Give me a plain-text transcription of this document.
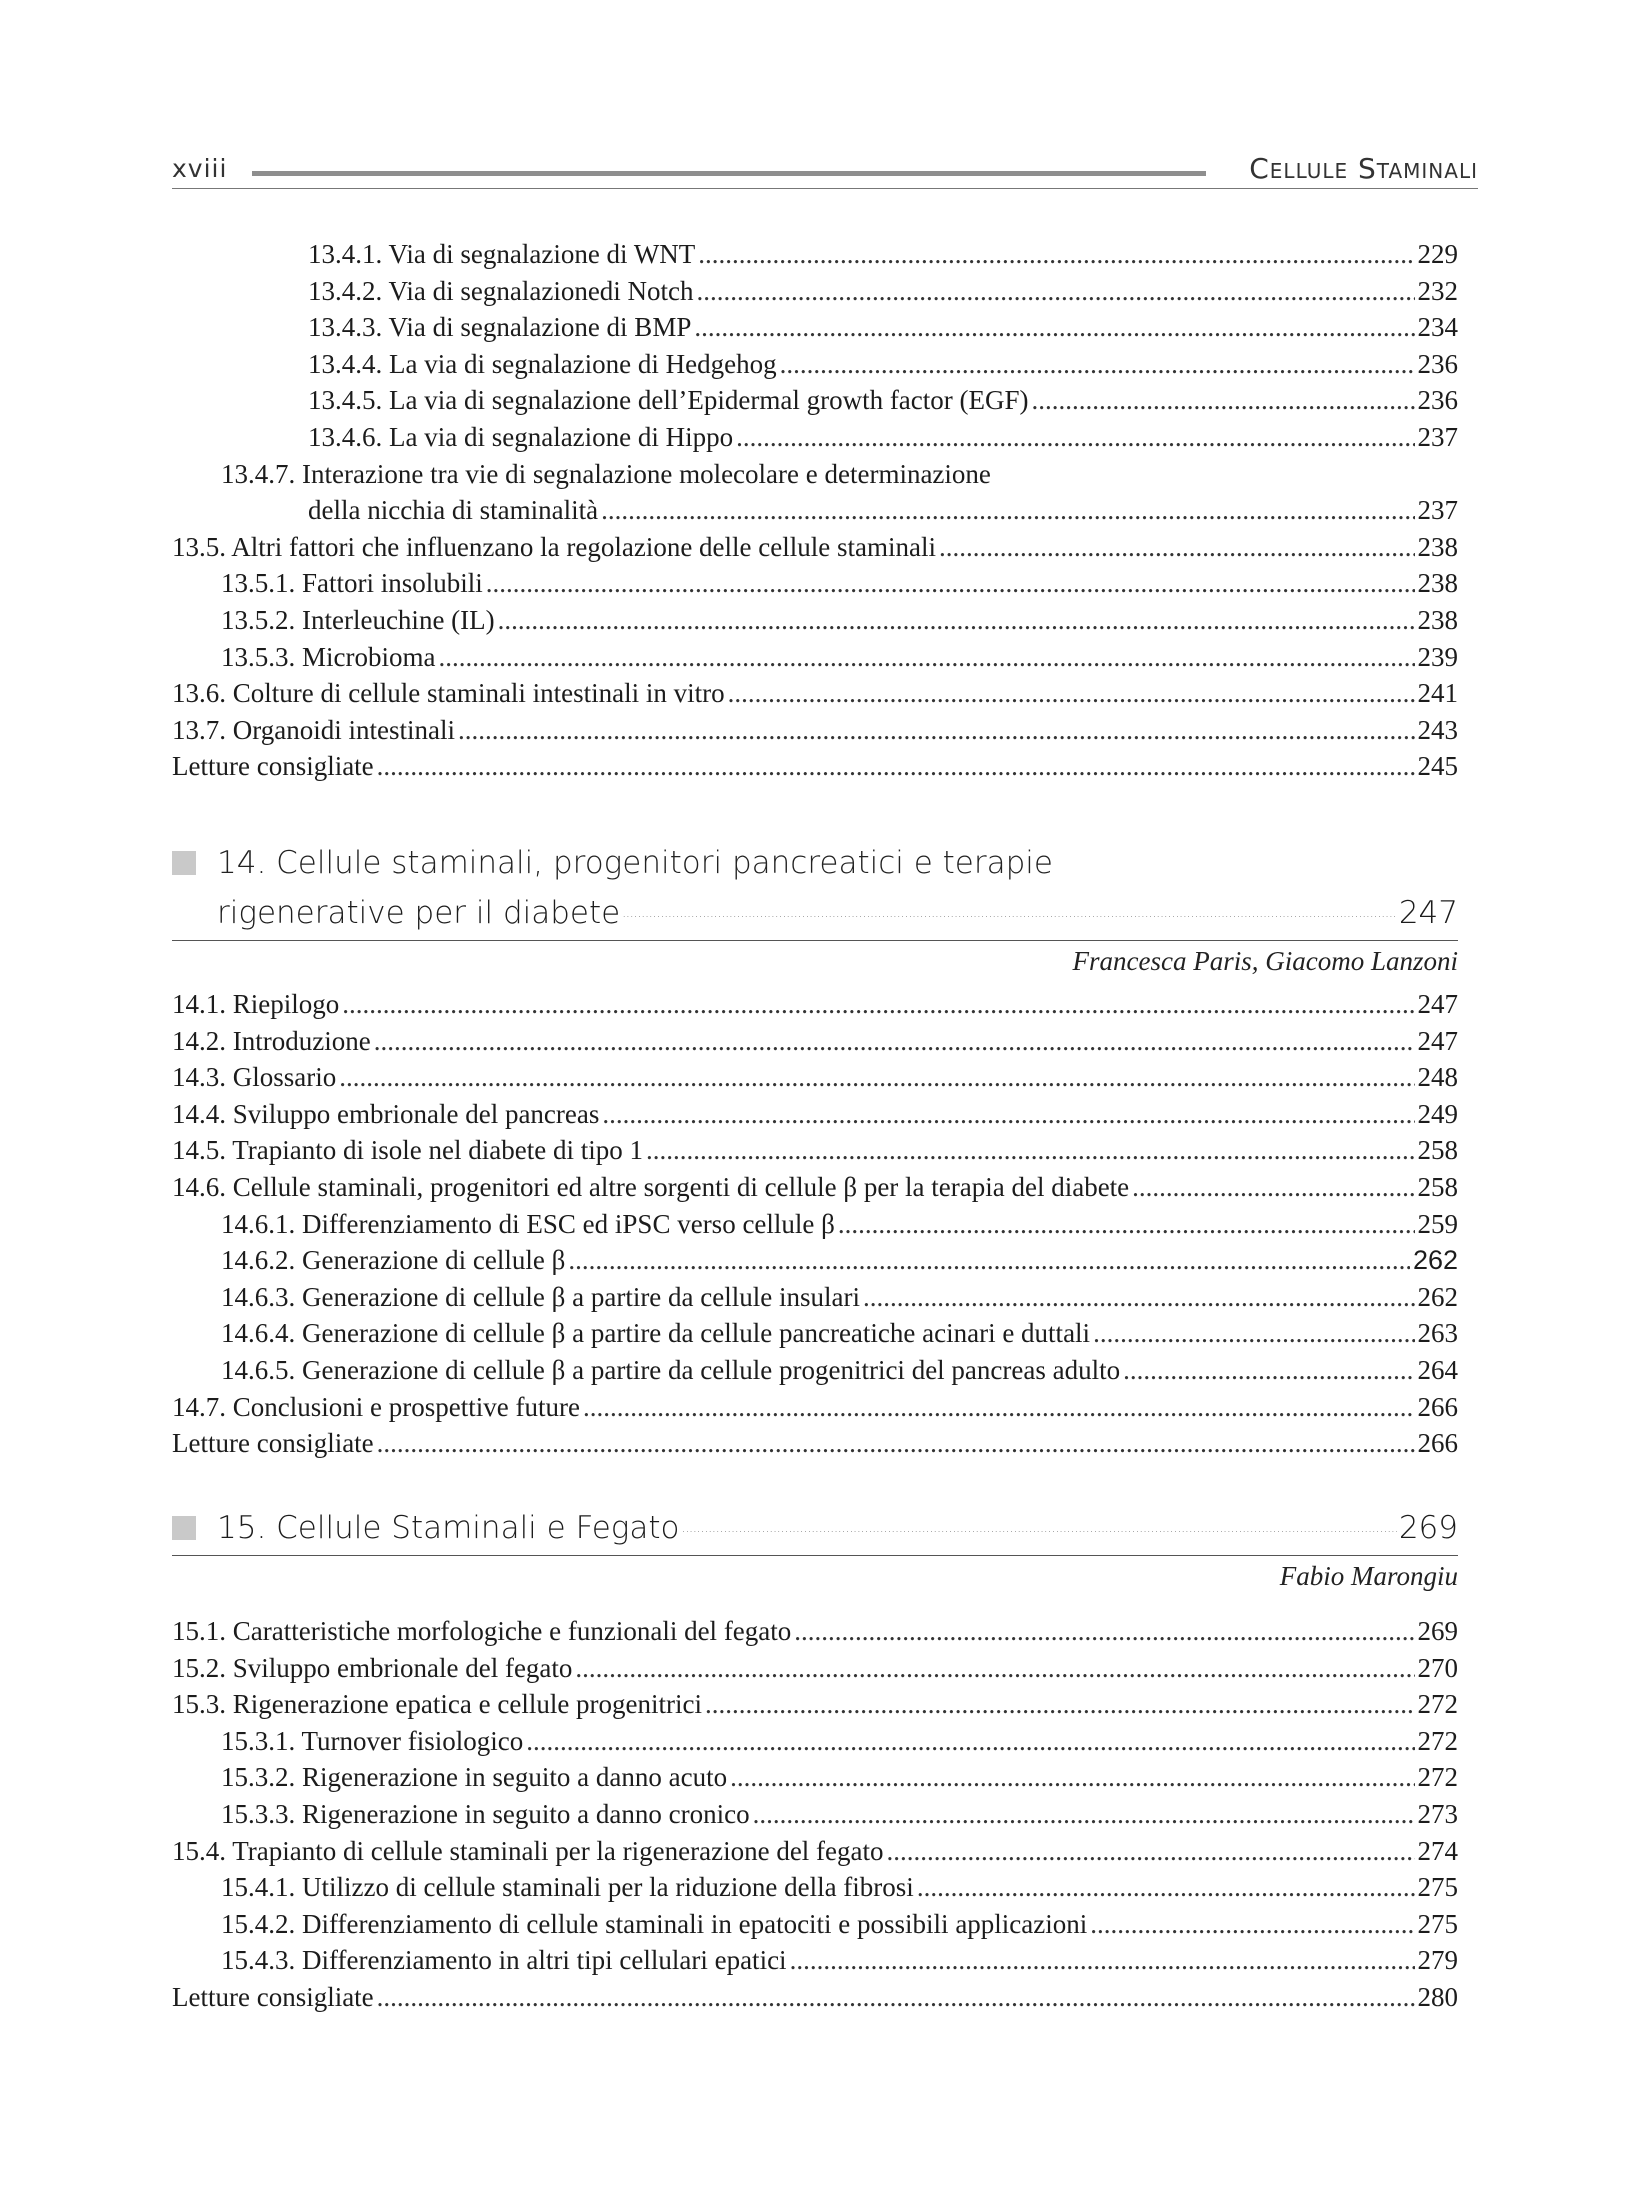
xviii	Cellule Staminali
13.4.1. Via di segnalazione di WNT .....	229
13.4.2. Via di segnalazionedi Notch .....	232
13.4.3. Via di segnalazione di BMP .....	234
13.4.4. La via di segnalazione di Hedgehog .....	236
13.4.5. La via di segnalazione dell’Epidermal growth factor (EGF) .....	236
13.4.6. La via di segnalazione di Hippo .....	237
13.4.7. Interazione tra vie di segnalazione molecolare e determinazione
della nicchia di staminalità .....	237
13.5. Altri fattori che influenzano la regolazione delle cellule staminali .....	238
13.5.1. Fattori insolubili .....	238
13.5.2. Interleuchine (IL) .....	238
13.5.3. Microbioma .....	239
13.6. Colture di cellule staminali intestinali in vitro .....	241
13.7. Organoidi intestinali .....	243
Letture consigliate .....	245
14. Cellule staminali, progenitori pancreatici e terapie
rigenerative per il diabete .....	247
Francesca Paris, Giacomo Lanzoni
14.1. Riepilogo .....	247
14.2. Introduzione .....	247
14.3. Glossario .....	248
14.4. Sviluppo embrionale del pancreas .....	249
14.5. Trapianto di isole nel diabete di tipo 1 .....	258
14.6. Cellule staminali, progenitori ed altre sorgenti di cellule β per la terapia del diabete .....	258
14.6.1. Differenziamento di ESC ed iPSC verso cellule β .....	259
14.6.2. Generazione di cellule β .....	262
14.6.3. Generazione di cellule β a partire da cellule insulari .....	262
14.6.4. Generazione di cellule β a partire da cellule pancreatiche acinari e duttali .....	263
14.6.5. Generazione di cellule β a partire da cellule progenitrici del pancreas adulto .....	264
14.7. Conclusioni e prospettive future .....	266
Letture consigliate .....	266
15. Cellule Staminali e Fegato .....	269
Fabio Marongiu
15.1. Caratteristiche morfologiche e funzionali del fegato .....	269
15.2. Sviluppo embrionale del fegato .....	270
15.3. Rigenerazione epatica e cellule progenitrici .....	272
15.3.1. Turnover fisiologico .....	272
15.3.2. Rigenerazione in seguito a danno acuto .....	272
15.3.3. Rigenerazione in seguito a danno cronico .....	273
15.4. Trapianto di cellule staminali per la rigenerazione del fegato .....	274
15.4.1. Utilizzo di cellule staminali per la riduzione della fibrosi .....	275
15.4.2. Differenziamento di cellule staminali in epatociti e possibili applicazioni .....	275
15.4.3. Differenziamento in altri tipi cellulari epatici .....	279
Letture consigliate .....	280
